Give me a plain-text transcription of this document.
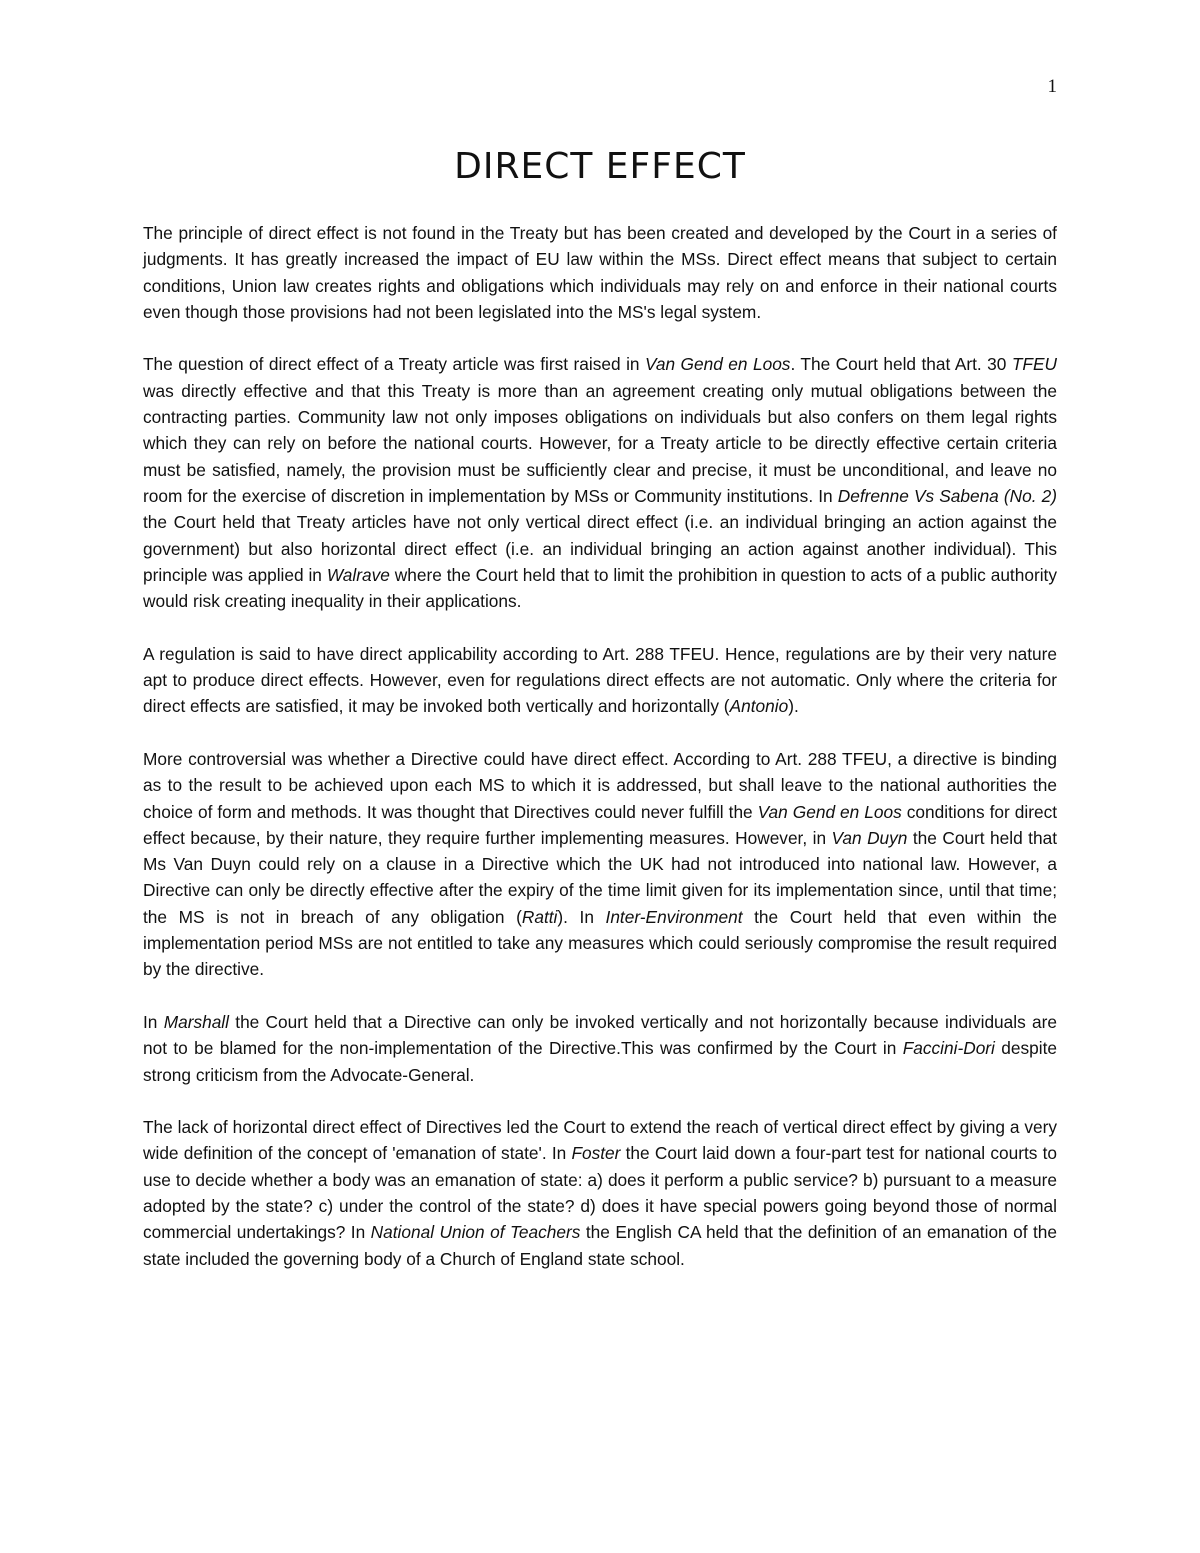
1
DIRECT EFFECT

The principle of direct effect is not found in the Treaty but has been created and developed by the Court in a series of judgments. It has greatly increased the impact of EU law within the MSs. Direct effect means that subject to certain conditions, Union law creates rights and obligations which individuals may rely on and enforce in their national courts even though those provisions had not been legislated into the MS's legal system.

The question of direct effect of a Treaty article was first raised in Van Gend en Loos. The Court held that Art. 30 TFEU was directly effective and that this Treaty is more than an agreement creating only mutual obligations between the contracting parties. Community law not only imposes obligations on individuals but also confers on them legal rights which they can rely on before the national courts. However, for a Treaty article to be directly effective certain criteria must be satisfied, namely, the provision must be sufficiently clear and precise, it must be unconditional, and leave no room for the exercise of discretion in implementation by MSs or Community institutions. In Defrenne Vs Sabena (No. 2) the Court held that Treaty articles have not only vertical direct effect (i.e. an individual bringing an action against the government) but also horizontal direct effect (i.e. an individual bringing an action against another individual). This principle was applied in Walrave where the Court held that to limit the prohibition in question to acts of a public authority would risk creating inequality in their applications.

A regulation is said to have direct applicability according to Art. 288 TFEU. Hence, regulations are by their very nature apt to produce direct effects. However, even for regulations direct effects are not automatic. Only where the criteria for direct effects are satisfied, it may be invoked both vertically and horizontally (Antonio).

More controversial was whether a Directive could have direct effect. According to Art. 288 TFEU, a directive is binding as to the result to be achieved upon each MS to which it is addressed, but shall leave to the national authorities the choice of form and methods. It was thought that Directives could never fulfill the Van Gend en Loos conditions for direct effect because, by their nature, they require further implementing measures. However, in Van Duyn the Court held that Ms Van Duyn could rely on a clause in a Directive which the UK had not introduced into national law. However, a Directive can only be directly effective after the expiry of the time limit given for its implementation since, until that time; the MS is not in breach of any obligation (Ratti). In Inter-Environment the Court held that even within the implementation period MSs are not entitled to take any measures which could seriously compromise the result required by the directive.

In Marshall the Court held that a Directive can only be invoked vertically and not horizontally because individuals are not to be blamed for the non-implementation of the Directive.This was confirmed by the Court in Faccini-Dori despite strong criticism from the Advocate-General.

The lack of horizontal direct effect of Directives led the Court to extend the reach of vertical direct effect by giving a very wide definition of the concept of 'emanation of state'. In Foster the Court laid down a four-part test for national courts to use to decide whether a body was an emanation of state: a) does it perform a public service? b) pursuant to a measure adopted by the state? c) under the control of the state? d) does it have special powers going beyond those of normal commercial undertakings? In National Union of Teachers the English CA held that the definition of an emanation of the state included the governing body of a Church of England state school.
